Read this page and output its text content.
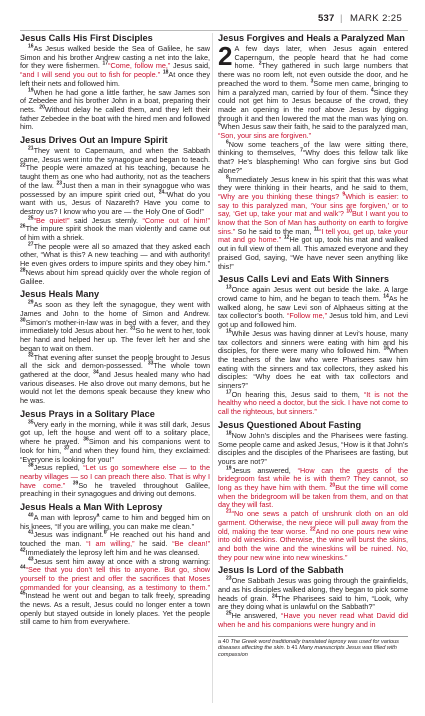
537 | MARK 2:25
Jesus Calls His First Disciples

$^{16}$As Jesus walked beside the Sea of Galilee, he saw Simon and his brother Andrew casting a net into the lake, for they were fishermen. $^{17}$“Come, follow me,” Jesus said, “and I will send you out to fish for people.” $^{18}$At once they left their nets and followed him.

$^{19}$When he had gone a little farther, he saw James son of Zebedee and his brother John in a boat, preparing their nets. $^{20}$Without delay he called them, and they left their father Zebedee in the boat with the hired men and followed him.

Jesus Drives Out an Impure Spirit

$^{21}$They went to Capernaum, and when the Sabbath came, Jesus went into the synagogue and began to teach. $^{22}$The people were amazed at his teaching, because he taught them as one who had authority, not as the teachers of the law. $^{23}$Just then a man in their synagogue who was possessed by an impure spirit cried out, $^{24}$“What do you want with us, Jesus of Nazareth? Have you come to destroy us? I know who you are — the Holy One of God!”

$^{25}$“Be quiet!” said Jesus sternly. “Come out of him!” $^{26}$The impure spirit shook the man violently and came out of him with a shriek.

$^{27}$The people were all so amazed that they asked each other, “What is this? A new teaching — and with authority! He even gives orders to impure spirits and they obey him.” $^{28}$News about him spread quickly over the whole region of Galilee.

Jesus Heals Many

$^{29}$As soon as they left the synagogue, they went with James and John to the home of Simon and Andrew. $^{30}$Simon’s mother-in-law was in bed with a fever, and they immediately told Jesus about her. $^{31}$So he went to her, took her hand and helped her up. The fever left her and she began to wait on them.

$^{32}$That evening after sunset the people brought to Jesus all the sick and demon-possessed. $^{33}$The whole town gathered at the door, $^{34}$and Jesus healed many who had various diseases. He also drove out many demons, but he would not let the demons speak because they knew who he was.

Jesus Prays in a Solitary Place

$^{35}$Very early in the morning, while it was still dark, Jesus got up, left the house and went off to a solitary place, where he prayed. $^{36}$Simon and his companions went to look for him, $^{37}$and when they found him, they exclaimed: “Everyone is looking for you!”

$^{38}$Jesus replied, “Let us go somewhere else — to the nearby villages — so I can preach there also. That is why I have come.” $^{39}$So he traveled throughout Galilee, preaching in their synagogues and driving out demons.

Jesus Heals a Man With Leprosy

$^{40}$A man with leprosy$^a$ came to him and begged him on his knees, “If you are willing, you can make me clean.”

$^{41}$Jesus was indignant.$^b$ He reached out his hand and touched the man. “I am willing,” he said. “Be clean!” $^{42}$Immediately the leprosy left him and he was cleansed.

$^{43}$Jesus sent him away at once with a strong warning: $^{44}$“See that you don’t tell this to anyone. But go, show yourself to the priest and offer the sacrifices that Moses commanded for your cleansing, as a testimony to them.” $^{45}$Instead he went out and began to talk freely, spreading the news. As a result, Jesus could no longer enter a town openly but stayed outside in lonely places. Yet the people still came to him from everywhere.

Jesus Forgives and Heals a Paralyzed Man

2 A few days later, when Jesus again entered Capernaum, the people heard that he had come home. $^2$They gathered in such large numbers that there was no room left, not even outside the door, and he preached the word to them. $^3$Some men came, bringing to him a paralyzed man, carried by four of them. $^4$Since they could not get him to Jesus because of the crowd, they made an opening in the roof above Jesus by digging through it and then lowered the mat the man was lying on. $^5$When Jesus saw their faith, he said to the paralyzed man, “Son, your sins are forgiven.”

$^6$Now some teachers of the law were sitting there, thinking to themselves, $^7$“Why does this fellow talk like that? He’s blaspheming! Who can forgive sins but God alone?”

$^8$Immediately Jesus knew in his spirit that this was what they were thinking in their hearts, and he said to them, “Why are you thinking these things? $^9$Which is easier: to say to this paralyzed man, ‘Your sins are forgiven,’ or to say, ‘Get up, take your mat and walk’? $^{10}$But I want you to know that the Son of Man has authority on earth to forgive sins.” So he said to the man, $^{11}$“I tell you, get up, take your mat and go home.” $^{12}$He got up, took his mat and walked out in full view of them all. This amazed everyone and they praised God, saying, “We have never seen anything like this!”

Jesus Calls Levi and Eats With Sinners

$^{13}$Once again Jesus went out beside the lake. A large crowd came to him, and he began to teach them. $^{14}$As he walked along, he saw Levi son of Alphaeus sitting at the tax collector’s booth. “Follow me,” Jesus told him, and Levi got up and followed him.

$^{15}$While Jesus was having dinner at Levi’s house, many tax collectors and sinners were eating with him and his disciples, for there were many who followed him. $^{16}$When the teachers of the law who were Pharisees saw him eating with the sinners and tax collectors, they asked his disciples: “Why does he eat with tax collectors and sinners?”

$^{17}$On hearing this, Jesus said to them, “It is not the healthy who need a doctor, but the sick. I have not come to call the righteous, but sinners.”

Jesus Questioned About Fasting

$^{18}$Now John’s disciples and the Pharisees were fasting. Some people came and asked Jesus, “How is it that John’s disciples and the disciples of the Pharisees are fasting, but yours are not?”

$^{19}$Jesus answered, “How can the guests of the bridegroom fast while he is with them? They cannot, so long as they have him with them. $^{20}$But the time will come when the bridegroom will be taken from them, and on that day they will fast.

$^{21}$“No one sews a patch of unshrunk cloth on an old garment. Otherwise, the new piece will pull away from the old, making the tear worse. $^{22}$And no one pours new wine into old wineskins. Otherwise, the wine will burst the skins, and both the wine and the wineskins will be ruined. No, they pour new wine into new wineskins.”

Jesus Is Lord of the Sabbath

$^{23}$One Sabbath Jesus was going through the grainfields, and as his disciples walked along, they began to pick some heads of grain. $^{24}$The Pharisees said to him, “Look, why are they doing what is unlawful on the Sabbath?”

$^{25}$He answered, “Have you never read what David did when he and his companions were hungry and in

a 40 The Greek word traditionally translated leprosy was used for various diseases affecting the skin. b 41 Many manuscripts Jesus was filled with compassion
